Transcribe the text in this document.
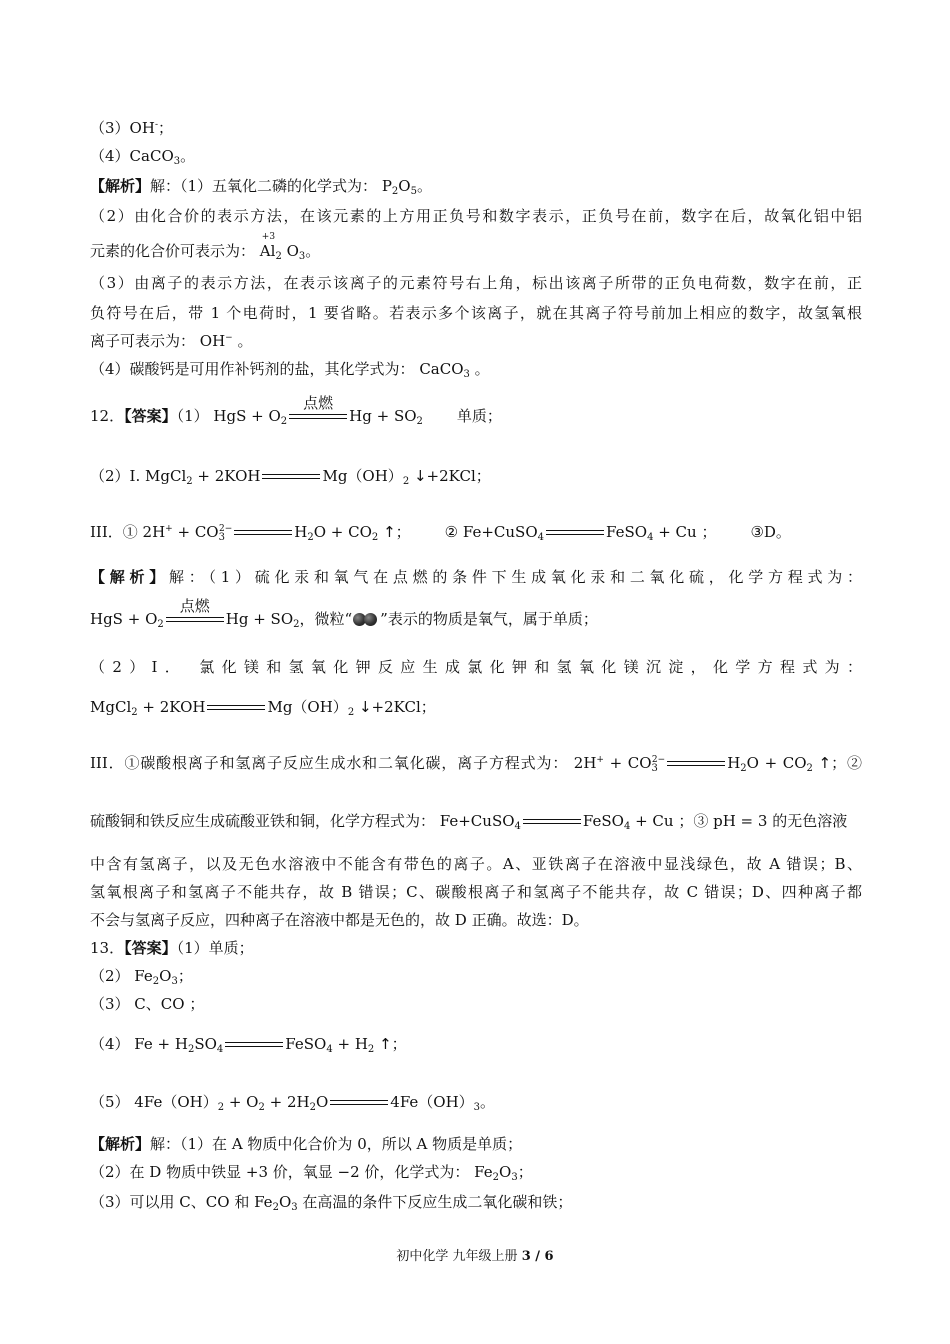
（3）OH-；
（4）CaCO$_3$。
【解析】解：（1）五氧化二磷的化学式为： $P_2O_5$。
（2）由化合价的表示方法，在该元素的上方用正负号和数字表示，正负号在前，数字在后，故氧化铝中铝
元素的化合价可表示为：
+3
$Al_2$ $O_3$。
（3）由离子的表示方法，在表示该离子的元素符号右上角，标出该离子所带的正负电荷数，数字在前，正
负符号在后，带 1 个电荷时，1 要省略。若表示多个该离子，就在其离子符号前加上相应的数字，故氢氧根
离子可表示为： OH− 。
（4）碳酸钙是可用作补钙剂的盐，其化学式为： CaCO$_3$ 。
12．【答案】（1） HgS + $O_2$
点燃
$Hg + SO_2$ 单质；
（2）I. MgCl$_2$ + 2KOH	$Mg(OH)_2$ ↓+2KCl；
III．① $2H^+ + CO_3^{2-}$	$H_2O + CO_2$ ↑； ② Fe+CuSO$_4$	FeSO$_4$ + Cu ； ③D。
【解析】解：（1）硫化汞和氧气在点燃的条件下生成氧化汞和二氧化硫，化学方程式为：
HgS + $O_2$
点燃
$Hg + SO_2$，微粒“ ”表示的物质是氧气，属于单质；
（2）I． 氯化镁和氢氧化钾反应生成氯化钾和氢氧化镁沉淀，化学方程式为：
MgCl$_2$ + 2KOH	$Mg(OH)_2$ ↓+2KCl；
III．①碳酸根离子和氢离子反应生成水和二氧化碳，离子方程式为： $2H^+ + CO_3^{2-}$	$H_2O + CO_2$ ↑；②
硫酸铜和铁反应生成硫酸亚铁和铜，化学方程式为： Fe+CuSO$_4$	FeSO$_4$ + Cu ；③ pH = 3 的无色溶液
中含有氢离子，以及无色水溶液中不能含有带色的离子。A、亚铁离子在溶液中显浅绿色，故 A 错误；B、
氢氧根离子和氢离子不能共存，故 B 错误；C、碳酸根离子和氢离子不能共存，故 C 错误；D、四种离子都
不会与氢离子反应，四种离子在溶液中都是无色的，故 D 正确。故选：D。
13．【答案】（1）单质；
（2） $Fe_2O_3$；
（3） C、CO ；
（4） $Fe + H_2SO_4$	FeSO$_4$ + $H_2$ ↑；
（5） $4Fe(OH)_2 + O_2 + 2H_2O$	$4Fe(OH)_3$。
【解析】解：（1）在 A 物质中化合价为 0，所以 A 物质是单质；
（2）在 D 物质中铁显 +3 价，氧显 −2 价，化学式为： $Fe_2O_3$；
（3）可以用 C、CO 和 $Fe_2O_3$ 在高温的条件下反应生成二氧化碳和铁；
初中化学 九年级上册 3 / 6
